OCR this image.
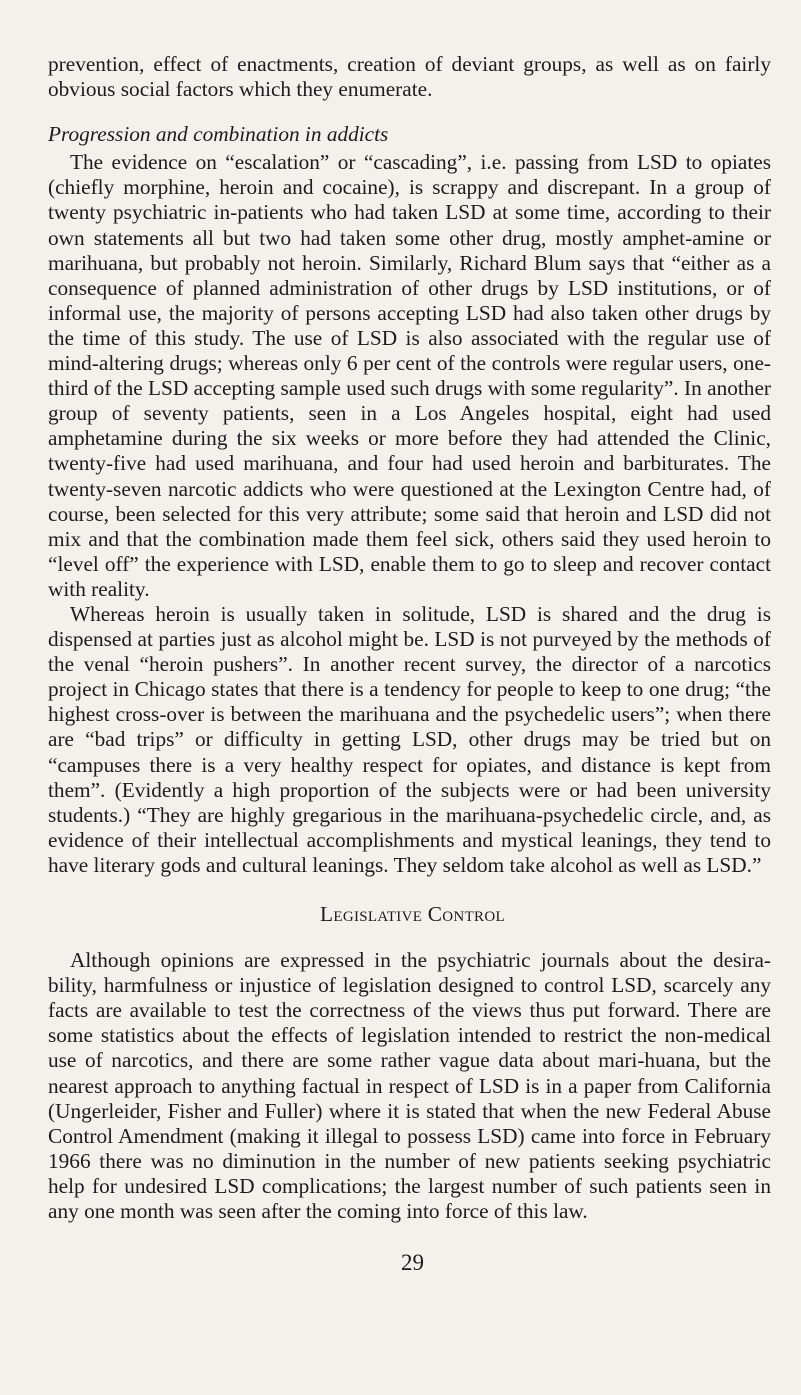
prevention, effect of enactments, creation of deviant groups, as well as on fairly obvious social factors which they enumerate.

Progression and combination in addicts

The evidence on “escalation” or “cascading”, i.e. passing from LSD to opiates (chiefly morphine, heroin and cocaine), is scrappy and discrepant. In a group of twenty psychiatric in-patients who had taken LSD at some time, according to their own statements all but two had taken some other drug, mostly amphet-amine or marihuana, but probably not heroin. Similarly, Richard Blum says that “either as a consequence of planned administration of other drugs by LSD institutions, or of informal use, the majority of persons accepting LSD had also taken other drugs by the time of this study. The use of LSD is also associated with the regular use of mind-altering drugs; whereas only 6 per cent of the controls were regular users, one-third of the LSD accepting sample used such drugs with some regularity”. In another group of seventy patients, seen in a Los Angeles hospital, eight had used amphetamine during the six weeks or more before they had attended the Clinic, twenty-five had used marihuana, and four had used heroin and barbiturates. The twenty-seven narcotic addicts who were questioned at the Lexington Centre had, of course, been selected for this very attribute; some said that heroin and LSD did not mix and that the combination made them feel sick, others said they used heroin to “level off” the experience with LSD, enable them to go to sleep and recover contact with reality.

Whereas heroin is usually taken in solitude, LSD is shared and the drug is dispensed at parties just as alcohol might be. LSD is not purveyed by the methods of the venal “heroin pushers”. In another recent survey, the director of a narcotics project in Chicago states that there is a tendency for people to keep to one drug; “the highest cross-over is between the marihuana and the psychedelic users”; when there are “bad trips” or difficulty in getting LSD, other drugs may be tried but on “campuses there is a very healthy respect for opiates, and distance is kept from them”. (Evidently a high proportion of the subjects were or had been university students.) “They are highly gregarious in the marihuana-psychedelic circle, and, as evidence of their intellectual accomplishments and mystical leanings, they tend to have literary gods and cultural leanings. They seldom take alcohol as well as LSD.”

Legislative Control

Although opinions are expressed in the psychiatric journals about the desira-bility, harmfulness or injustice of legislation designed to control LSD, scarcely any facts are available to test the correctness of the views thus put forward. There are some statistics about the effects of legislation intended to restrict the non-medical use of narcotics, and there are some rather vague data about mari-huana, but the nearest approach to anything factual in respect of LSD is in a paper from California (Ungerleider, Fisher and Fuller) where it is stated that when the new Federal Abuse Control Amendment (making it illegal to possess LSD) came into force in February 1966 there was no diminution in the number of new patients seeking psychiatric help for undesired LSD complications; the largest number of such patients seen in any one month was seen after the coming into force of this law.

29
